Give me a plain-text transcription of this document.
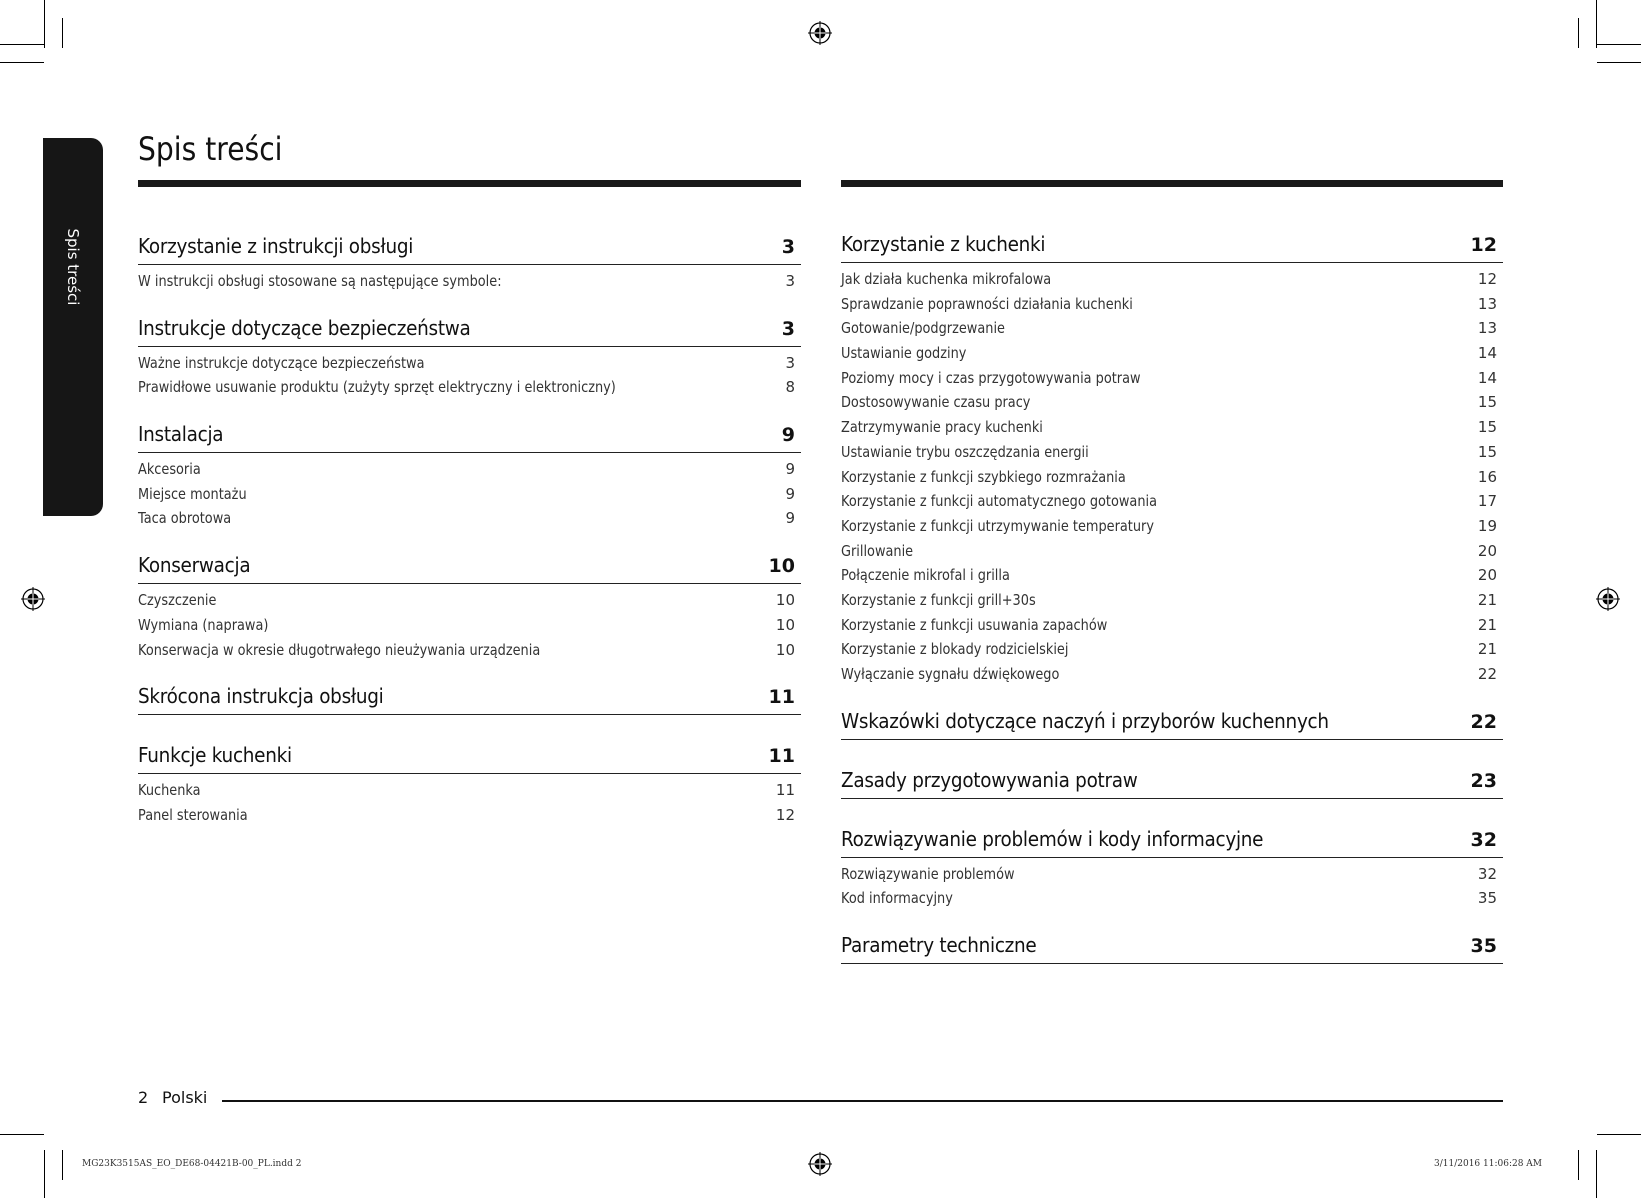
Spis treści
Spis treści
Korzystanie z instrukcji obsługi	3
W instrukcji obsługi stosowane są następujące symbole:	3
Instrukcje dotyczące bezpieczeństwa	3
Ważne instrukcje dotyczące bezpieczeństwa	3
Prawidłowe usuwanie produktu (zużyty sprzęt elektryczny i elektroniczny)	8
Instalacja	9
Akcesoria	9
Miejsce montażu	9
Taca obrotowa	9
Konserwacja	10
Czyszczenie	10
Wymiana (naprawa)	10
Konserwacja w okresie długotrwałego nieużywania urządzenia	10
Skrócona instrukcja obsługi	11
Funkcje kuchenki	11
Kuchenka	11
Panel sterowania	12
Korzystanie z kuchenki	12
Jak działa kuchenka mikrofalowa	12
Sprawdzanie poprawności działania kuchenki	13
Gotowanie/podgrzewanie	13
Ustawianie godziny	14
Poziomy mocy i czas przygotowywania potraw	14
Dostosowywanie czasu pracy	15
Zatrzymywanie pracy kuchenki	15
Ustawianie trybu oszczędzania energii	15
Korzystanie z funkcji szybkiego rozmrażania	16
Korzystanie z funkcji automatycznego gotowania	17
Korzystanie z funkcji utrzymywanie temperatury	19
Grillowanie	20
Połączenie mikrofal i grilla	20
Korzystanie z funkcji grill+30s	21
Korzystanie z funkcji usuwania zapachów	21
Korzystanie z blokady rodzicielskiej	21
Wyłączanie sygnału dźwiękowego	22
Wskazówki dotyczące naczyń i przyborów kuchennych	22
Zasady przygotowywania potraw	23
Rozwiązywanie problemów i kody informacyjne	32
Rozwiązywanie problemów	32
Kod informacyjny	35
Parametry techniczne	35
2 Polski
MG23K3515AS_EO_DE68-04421B-00_PL.indd 2	3/11/2016 11:06:28 AM
